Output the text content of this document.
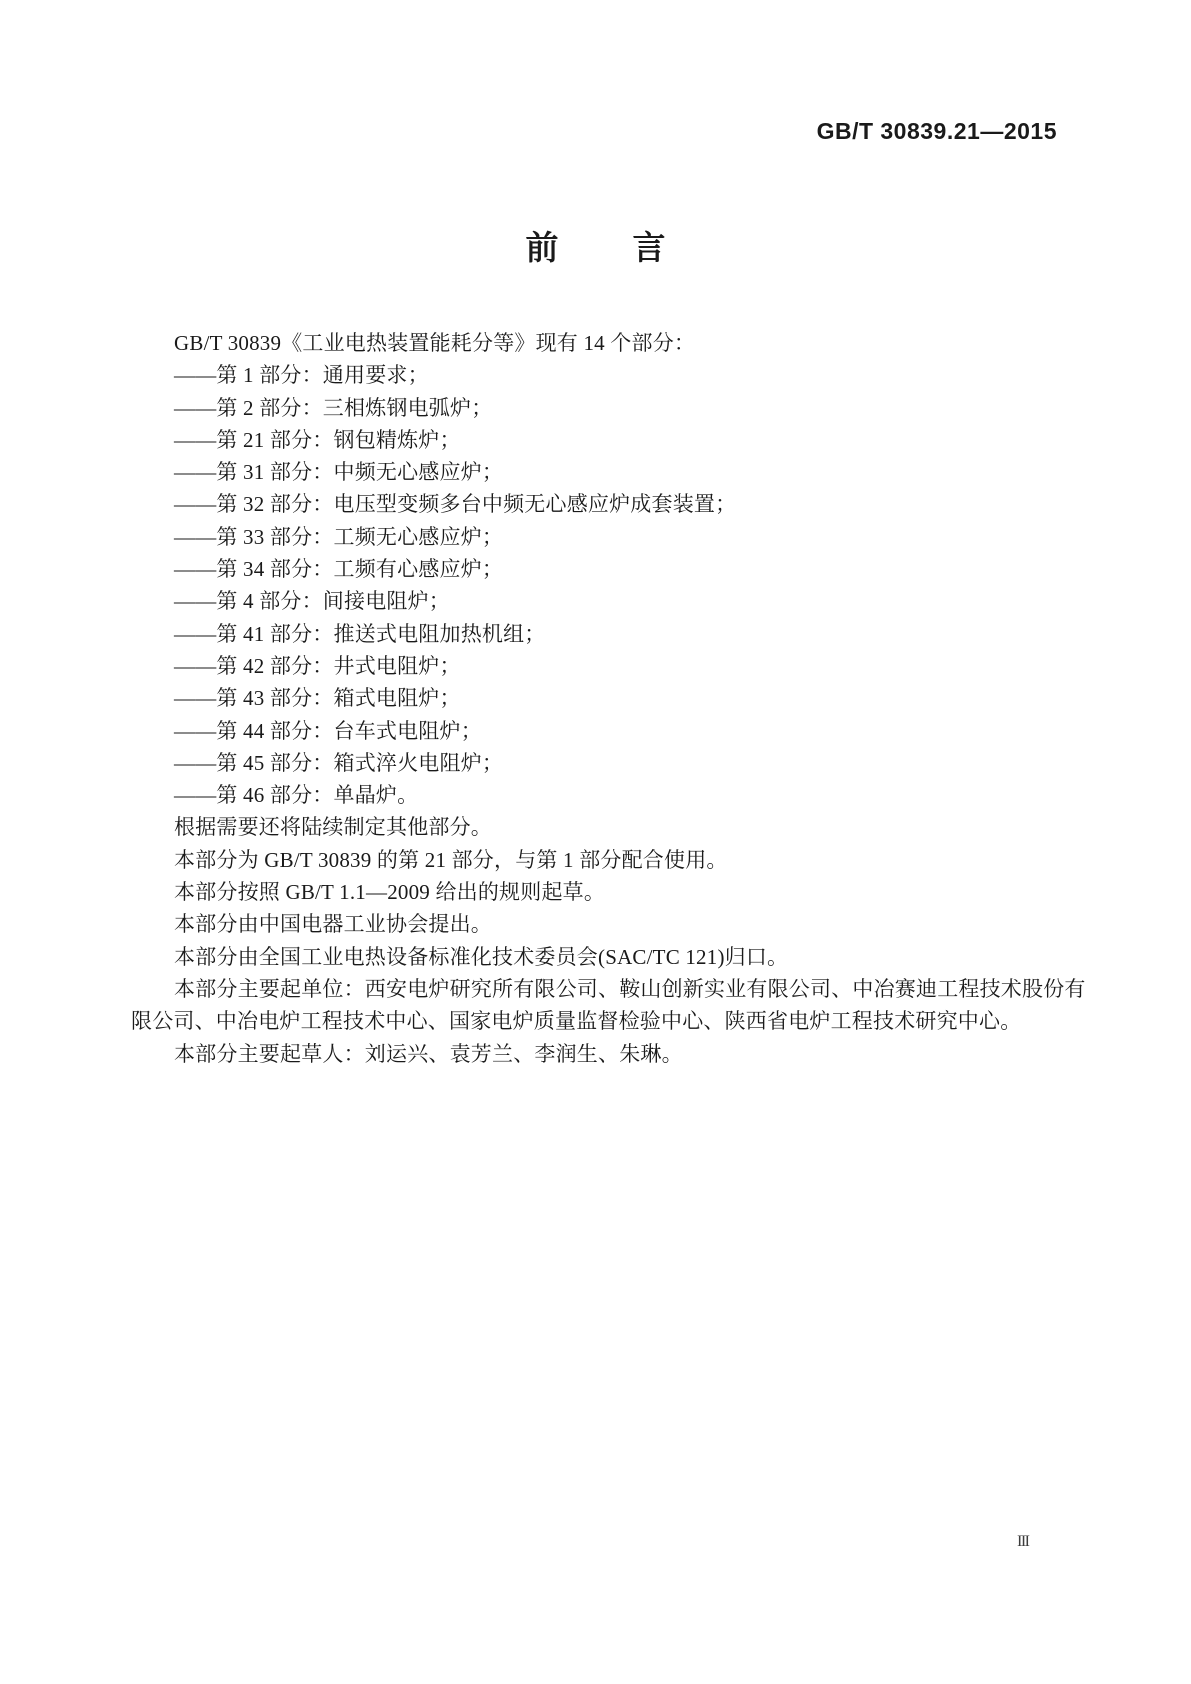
GB/T 30839.21—2015
前 言
GB/T 30839《工业电热装置能耗分等》现有 14 个部分：
——第 1 部分：通用要求；
——第 2 部分：三相炼钢电弧炉；
——第 21 部分：钢包精炼炉；
——第 31 部分：中频无心感应炉；
——第 32 部分：电压型变频多台中频无心感应炉成套装置；
——第 33 部分：工频无心感应炉；
——第 34 部分：工频有心感应炉；
——第 4 部分：间接电阻炉；
——第 41 部分：推送式电阻加热机组；
——第 42 部分：井式电阻炉；
——第 43 部分：箱式电阻炉；
——第 44 部分：台车式电阻炉；
——第 45 部分：箱式淬火电阻炉；
——第 46 部分：单晶炉。
根据需要还将陆续制定其他部分。
本部分为 GB/T 30839 的第 21 部分，与第 1 部分配合使用。
本部分按照 GB/T 1.1—2009 给出的规则起草。
本部分由中国电器工业协会提出。
本部分由全国工业电热设备标准化技术委员会(SAC/TC 121)归口。
本部分主要起单位：西安电炉研究所有限公司、鞍山创新实业有限公司、中冶赛迪工程技术股份有
限公司、中冶电炉工程技术中心、国家电炉质量监督检验中心、陕西省电炉工程技术研究中心。
本部分主要起草人：刘运兴、袁芳兰、李润生、朱琳。
III
